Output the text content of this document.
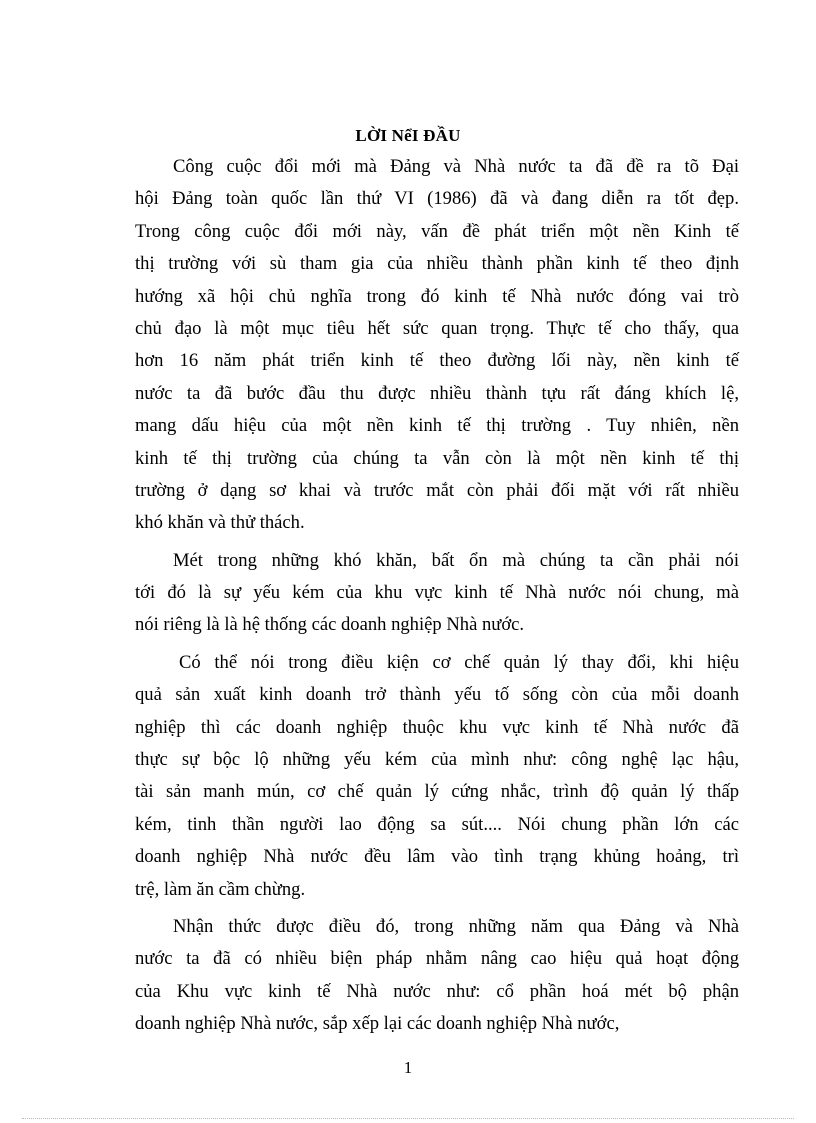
LỜI NểI ĐẦU
Công cuộc đổi mới mà Đảng và Nhà nước ta đã đề ra tõ Đại
hội Đảng toàn quốc lần thứ VI (1986) đã và đang diễn ra tốt đẹp.
Trong công cuộc đổi mới này, vấn đề phát triển một nền Kinh tế
thị trường với sù tham gia của nhiều thành phần kinh tế theo định
hướng xã hội chủ nghĩa trong đó kinh tế Nhà nước đóng vai trò
chủ đạo là một mục tiêu hết sức quan trọng. Thực tế cho thấy, qua
hơn 16 năm phát triển kinh tế theo đường lối này, nền kinh tế
nước ta đã bước đầu thu được nhiều thành tựu rất đáng khích lệ,
mang dấu hiệu của một nền kinh tế thị trường . Tuy nhiên, nền
kinh tế thị trường của chúng ta vẫn còn là một nền kinh tế thị
trường ở dạng sơ khai và trước mắt còn phải đối mặt với rất nhiều
khó khăn và thử thách.
Mét trong những khó khăn, bất ổn mà chúng ta cần phải nói
tới đó là sự yếu kém của khu vực kinh tế Nhà nước nói chung, mà
nói riêng là là hệ thống các doanh nghiệp Nhà nước.
Có thể nói trong điều kiện cơ chế quản lý thay đổi, khi hiệu
quả sản xuất kinh doanh trở thành yếu tố sống còn của mỗi doanh
nghiệp thì các doanh nghiệp thuộc khu vực kinh tế Nhà nước đã
thực sự bộc lộ những yếu kém của mình như: công nghệ lạc hậu,
tài sản manh mún, cơ chế quản lý cứng nhắc, trình độ quản lý thấp
kém, tinh thần người lao động sa sút.... Nói chung phần lớn các
doanh nghiệp Nhà nước đều lâm vào tình trạng khủng hoảng, trì
trệ, làm ăn cầm chừng.
Nhận thức được điều đó, trong những năm qua Đảng và Nhà
nước ta đã có nhiều biện pháp nhằm nâng cao hiệu quả hoạt động
của Khu vực kinh tế Nhà nước như: cổ phần hoá mét bộ phận
doanh nghiệp Nhà nước, sắp xếp lại các doanh nghiệp Nhà nước,
1
